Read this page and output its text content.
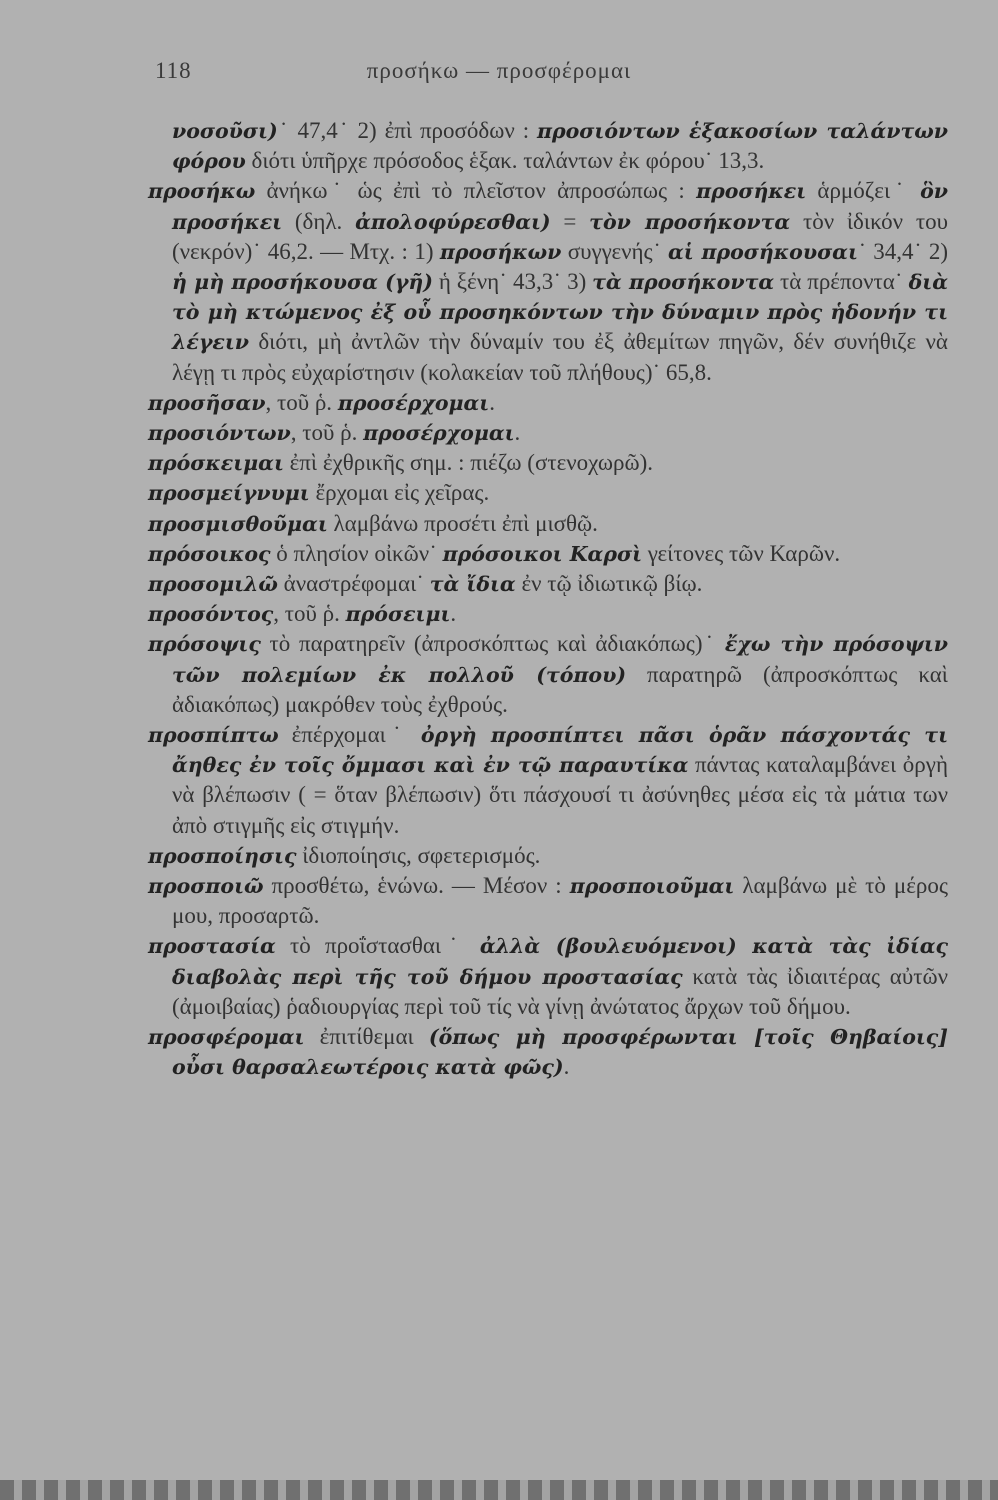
118	προσήκω — προσφέρομαι

νοσοῦσι)˙ 47,4˙ 2) ἐπὶ προσόδων : προσιόντων ἑξακοσίων ταλάντων φόρου διότι ὑπῆρχε πρόσοδος ἑξακ. ταλάντων ἐκ φόρου˙ 13,3.

προσήκω ἀνήκω˙ ὡς ἐπὶ τὸ πλεῖστον ἀπροσώπως : προσήκει ἁρμόζει˙ ὃν προσήκει (δηλ. ἀπολοφύρεσθαι) = τὸν προσήκοντα τὸν ἰδικόν του (νεκρόν)˙ 46,2. — Μτχ. : 1) προσήκων συγγενής˙ αἱ προσήκουσαι˙ 34,4˙ 2) ἡ μὴ προσήκουσα (γῆ) ἡ ξένη˙ 43,3˙ 3) τὰ προσήκοντα τὰ πρέποντα˙ διὰ τὸ μὴ κτώμενος ἐξ οὗ προσηκόντων τὴν δύναμιν πρὸς ἡδονήν τι λέγειν διότι, μὴ ἀντλῶν τὴν δύναμίν του ἐξ ἀθεμίτων πηγῶν, δέν συνήθιζε νὰ λέγῃ τι πρὸς εὐχαρίστησιν (κολακείαν τοῦ πλήθους)˙ 65,8.

προσῆσαν, τοῦ ῥ. προσέρχομαι.

προσιόντων, τοῦ ῥ. προσέρχομαι.

πρόσκειμαι ἐπὶ ἐχθρικῆς σημ. : πιέζω (στενοχωρῶ).

προσμείγνυμι ἔρχομαι εἰς χεῖρας.

προσμισθοῦμαι λαμβάνω προσέτι ἐπὶ μισθῷ.

πρόσοικος ὁ πλησίον οἰκῶν˙ πρόσοικοι Καρσὶ γείτονες τῶν Καρῶν.

προσομιλῶ ἀναστρέφομαι˙ τὰ ἴδια ἐν τῷ ἰδιωτικῷ βίῳ.

προσόντος, τοῦ ῥ. πρόσειμι.

πρόσοψις τὸ παρατηρεῖν (ἀπροσκόπτως καὶ ἀδιακόπως)˙ ἔχω τὴν πρόσοψιν τῶν πολεμίων ἐκ πολλοῦ (τόπου) παρατηρῶ (ἀπροσκόπτως καὶ ἀδιακόπως) μακρόθεν τοὺς ἐχθρούς.

προσπίπτω ἐπέρχομαι˙ ὀργὴ προσπίπτει πᾶσι ὁρᾶν πάσχοντάς τι ἄηθες ἐν τοῖς ὄμμασι καὶ ἐν τῷ παραυτίκα πάντας καταλαμβάνει ὀργὴ νὰ βλέπωσιν ( = ὅταν βλέπωσιν) ὅτι πάσχουσί τι ἀσύνηθες μέσα εἰς τὰ μάτια των ἀπὸ στιγμῆς εἰς στιγμήν.

προσποίησις ἰδιοποίησις, σφετερισμός.

προσποιῶ προσθέτω, ἑνώνω. — Μέσον : προσποιοῦμαι λαμβάνω μὲ τὸ μέρος μου, προσαρτῶ.

προστασία τὸ προΐστασθαι˙ ἀλλὰ (βουλευόμενοι) κατὰ τὰς ἰδίας διαβολὰς περὶ τῆς τοῦ δήμου προστασίας κατὰ τὰς ἰδιαιτέρας αὐτῶν (ἀμοιβαίας) ῥαδιουργίας περὶ τοῦ τίς νὰ γίνῃ ἀνώτατος ἄρχων τοῦ δήμου.

προσφέρομαι ἐπιτίθεμαι (ὅπως μὴ προσφέρωνται [τοῖς Θηβαίοις] οὖσι θαρσαλεωτέροις κατὰ φῶς).
